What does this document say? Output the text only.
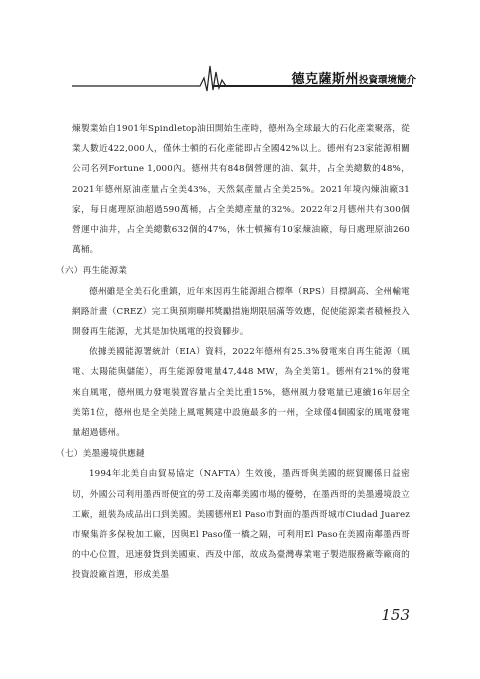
德克薩斯州投資環境簡介

煉製業始自1901年Spindletop油田開始生產時，德州為全球最大的石化產業聚落，從業人數近422,000人，僅休士頓的石化產能即占全國42%以上。德州有23家能源相關公司名列Fortune 1,000內。德州共有848個營運的油、氣井，占全美總數的48%，2021年德州原油產量占全美43%，天然氣產量占全美25%。2021年境內煉油廠31家，每日處理原油超過590萬桶，占全美總產量的32%。2022年2月德州共有300個營運中油井，占全美總數632個的47%，休士頓擁有10家煉油廠，每日處理原油260萬桶。

（六）再生能源業

德州雖是全美石化重鎮，近年來因再生能源組合標準（RPS）目標調高、全州輸電網路計畫（CREZ）完工與預期聯邦獎勵措施期限屆滿等效應，促使能源業者積極投入開發再生能源，尤其是加快風電的投資腳步。

依據美國能源署統計（EIA）資料，2022年德州有25.3%發電來自再生能源（風電、太陽能與儲能），再生能源發電量47,448 MW，為全美第1。德州有21%的發電來自風電，德州風力發電裝置容量占全美比重15%，德州風力發電量已連續16年居全美第1位，德州也是全美陸上風電興建中設施最多的一州，全球僅4個國家的風電發電量超過德州。

（七）美墨邊境供應鏈

1994年北美自由貿易協定（NAFTA）生效後，墨西哥與美國的經貿關係日益密切，外國公司利用墨西哥便宜的勞工及南鄰美國市場的優勢，在墨西哥的美墨邊境設立工廠，組裝為成品出口到美國。美國德州El Paso市對面的墨西哥城市Ciudad Juarez市聚集許多保稅加工廠，因與El Paso僅一橋之隔，可利用El Paso在美國南鄰墨西哥的中心位置，迅速發貨到美國東、西及中部，故成為臺灣專業電子製造服務廠等廠商的投資設廠首選，形成美墨

153
